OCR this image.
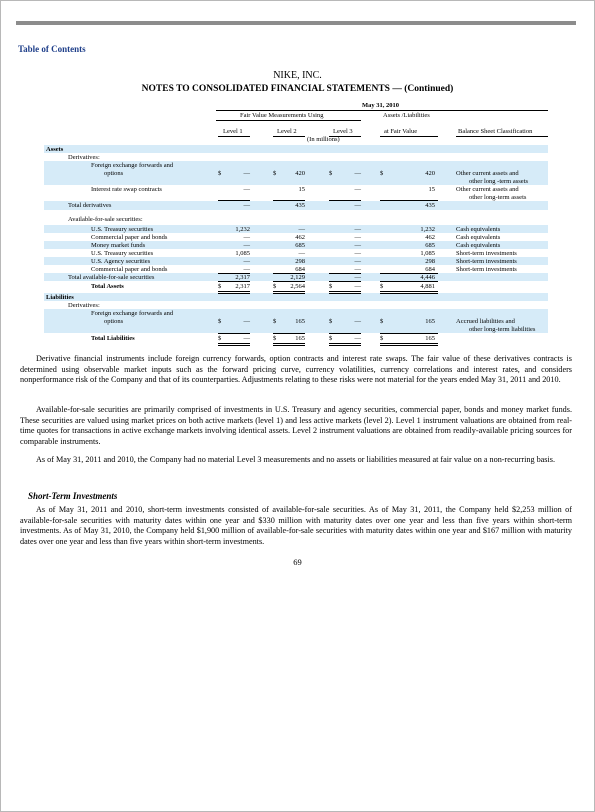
Table of Contents
NIKE, INC.
NOTES TO CONSOLIDATED FINANCIAL STATEMENTS — (Continued)
May 31, 2010
Fair Value Measurements Using	Assets /Liabilities
Level 1	Level 2	Level 3	at Fair Value	Balance Sheet Classification
(In millions)
Assets
Derivatives:
Foreign exchange forwards and
options	$	—	$	420	$	—	$	420	Other current assets and
other long -term assets
Interest rate swap contracts	—	15	—	15	Other current assets and
other long-term assets
Total derivatives	—	435	—	435
Available-for-sale securities:
U.S. Treasury securities	1,232	—	—	1,232	Cash equivalents
Commercial paper and bonds	—	462	—	462	Cash equivalents
Money market funds	—	685	—	685	Cash equivalents
U.S. Treasury securities	1,085	—	—	1,085	Short-term investments
U.S. Agency securities	—	298	—	298	Short-term investments
Commercial paper and bonds	—	684	—	684	Short-term investments
Total available-for-sale securities	2,317	2,129	—	4,446
Total Assets	$	2,317	$	2,564	$	—	$	4,881
Liabilities
Derivatives:
Foreign exchange forwards and
options	$	—	$	165	$	—	$	165	Accrued liabilities and
other long-term liabilities
Total Liabilities	$	—	$	165	$	—	$	165
Derivative financial instruments include foreign currency forwards, option contracts and interest rate swaps. The fair value of these derivatives contracts is determined using observable market inputs such as the forward pricing curve, currency volatilities, currency correlations and interest rates, and considers nonperformance risk of the Company and that of its counterparties. Adjustments relating to these risks were not material for the years ended May 31, 2011 and 2010.
Available-for-sale securities are primarily comprised of investments in U.S. Treasury and agency securities, commercial paper, bonds and money market funds. These securities are valued using market prices on both active markets (level 1) and less active markets (level 2). Level 1 instrument valuations are obtained from real-time quotes for transactions in active exchange markets involving identical assets. Level 2 instrument valuations are obtained from readily-available pricing sources for comparable instruments.
As of May 31, 2011 and 2010, the Company had no material Level 3 measurements and no assets or liabilities measured at fair value on a non-recurring basis.
Short-Term Investments
As of May 31, 2011 and 2010, short-term investments consisted of available-for-sale securities. As of May 31, 2011, the Company held $2,253 million of available-for-sale securities with maturity dates within one year and $330 million with maturity dates over one year and less than five years within short-term investments. As of May 31, 2010, the Company held $1,900 million of available-for-sale securities with maturity dates within one year and $167 million with maturity dates over one year and less than five years within short-term investments.
69
